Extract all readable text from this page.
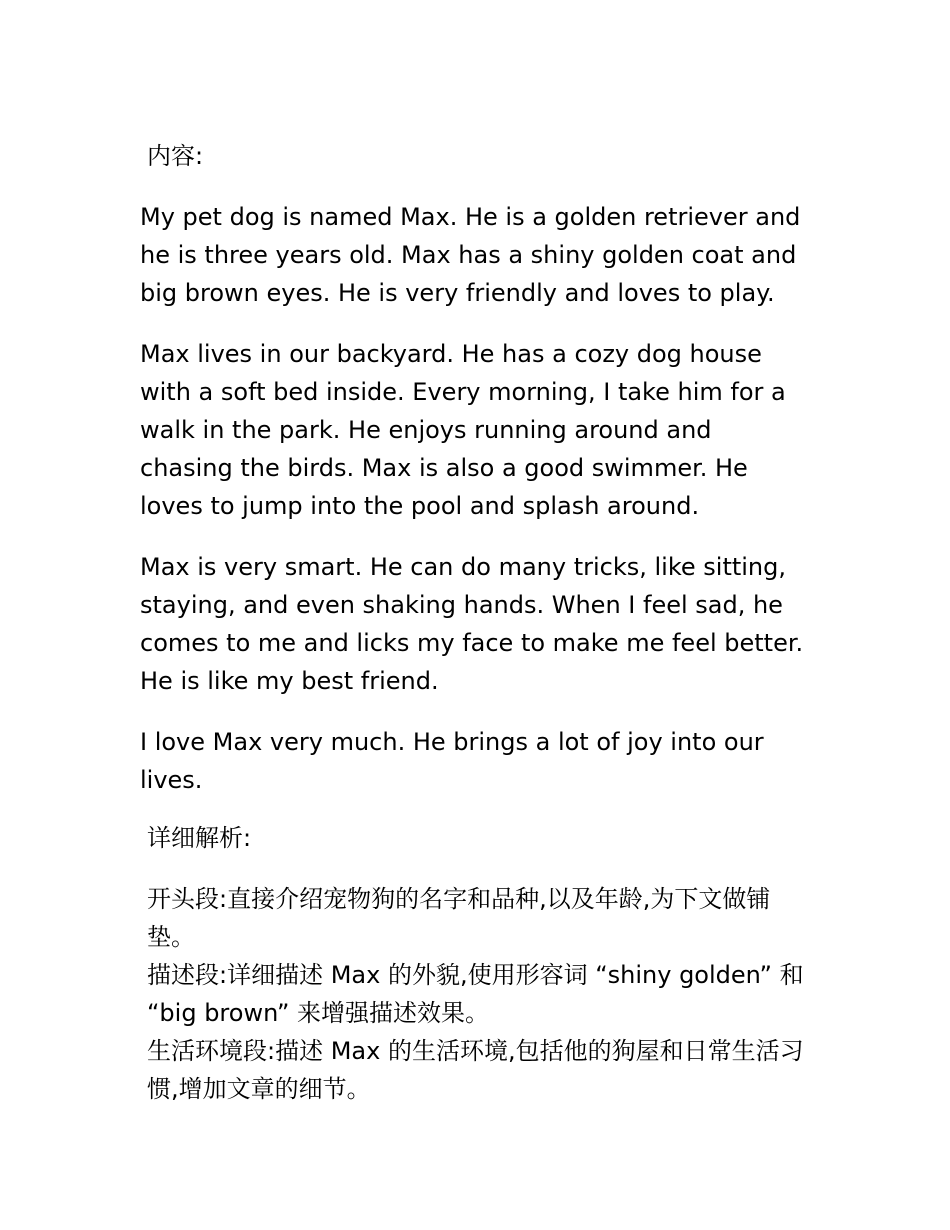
内容:

My pet dog is named Max. He is a golden retriever and he is three years old. Max has a shiny golden coat and big brown eyes. He is very friendly and loves to play.

Max lives in our backyard. He has a cozy dog house with a soft bed inside. Every morning, I take him for a walk in the park. He enjoys running around and chasing the birds. Max is also a good swimmer. He loves to jump into the pool and splash around.

Max is very smart. He can do many tricks, like sitting, staying, and even shaking hands. When I feel sad, he comes to me and licks my face to make me feel better. He is like my best friend.

I love Max very much. He brings a lot of joy into our lives.

详细解析:

开头段:直接介绍宠物狗的名字和品种,以及年龄,为下文做铺垫。

描述段:详细描述 Max 的外貌,使用形容词 “shiny golden” 和 “big brown” 来增强描述效果。

生活环境段:描述 Max 的生活环境,包括他的狗屋和日常生活习惯,增加文章的细节。
